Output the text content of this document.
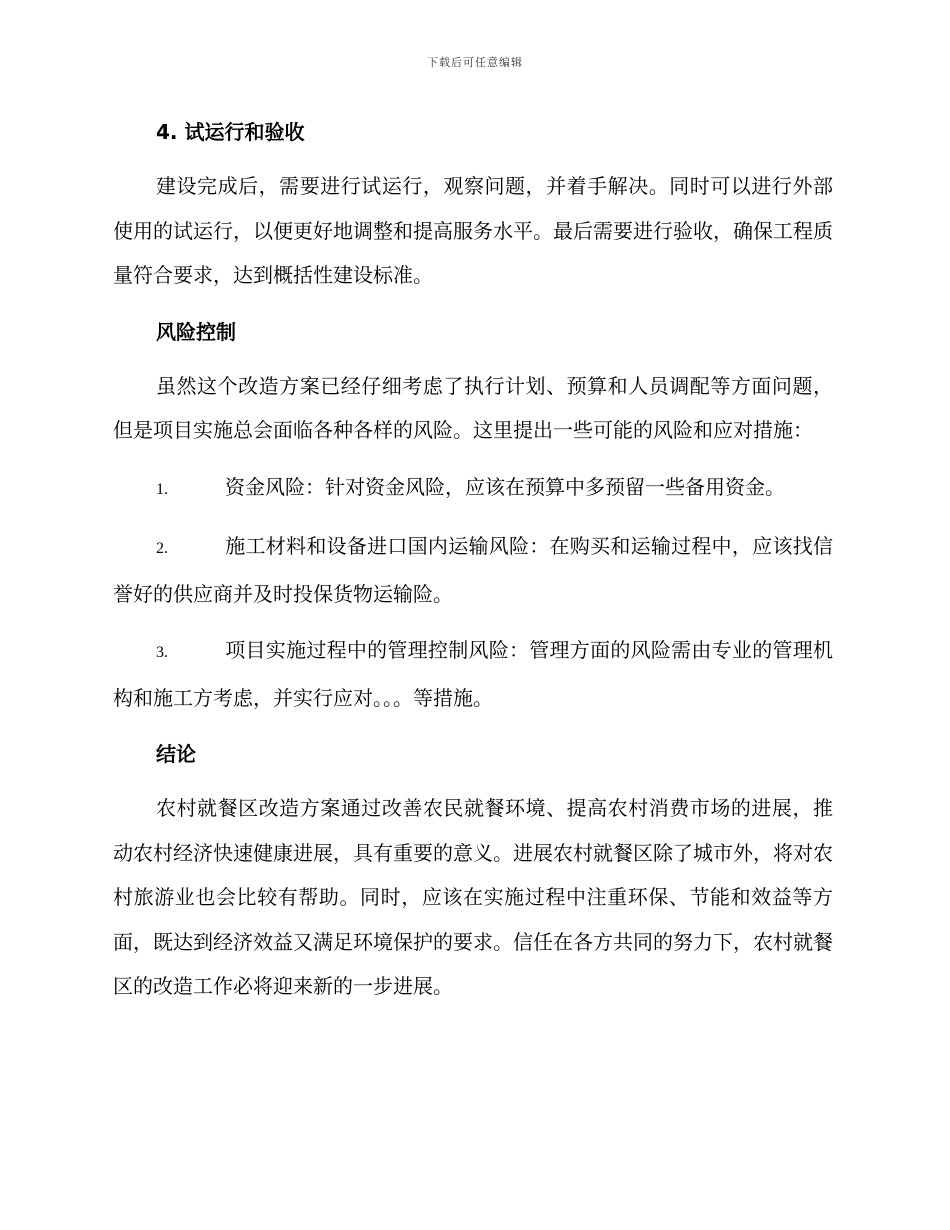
下载后可任意编辑
4. 试运行和验收

建设完成后，需要进行试运行，观察问题，并着手解决。同时可以进行外部使用的试运行，以便更好地调整和提高服务水平。最后需要进行验收，确保工程质量符合要求，达到概括性建设标准。

风险控制

虽然这个改造方案已经仔细考虑了执行计划、预算和人员调配等方面问题，但是项目实施总会面临各种各样的风险。这里提出一些可能的风险和应对措施：

1.	资金风险：针对资金风险，应该在预算中多预留一些备用资金。

2.	施工材料和设备进口国内运输风险：在购买和运输过程中，应该找信誉好的供应商并及时投保货物运输险。

3.	项目实施过程中的管理控制风险：管理方面的风险需由专业的管理机构和施工方考虑，并实行应对。。。等措施。

结论

农村就餐区改造方案通过改善农民就餐环境、提高农村消费市场的进展，推动农村经济快速健康进展，具有重要的意义。进展农村就餐区除了城市外，将对农村旅游业也会比较有帮助。同时，应该在实施过程中注重环保、节能和效益等方面，既达到经济效益又满足环境保护的要求。信任在各方共同的努力下，农村就餐区的改造工作必将迎来新的一步进展。
